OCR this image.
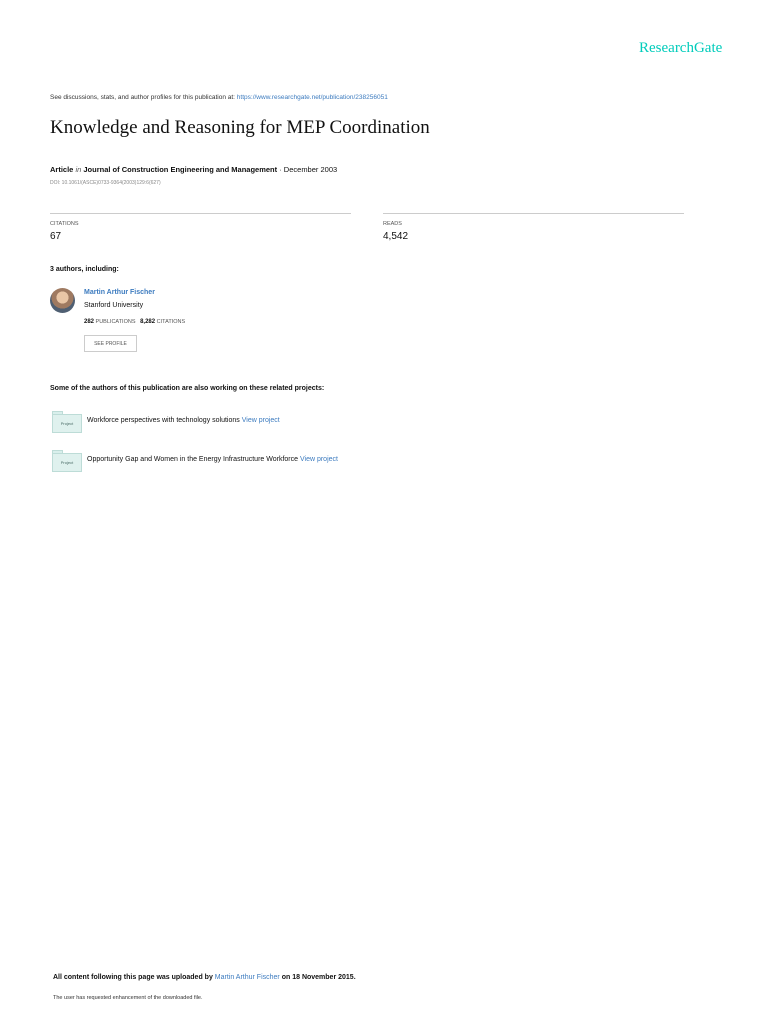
ResearchGate
See discussions, stats, and author profiles for this publication at: https://www.researchgate.net/publication/238256051
Knowledge and Reasoning for MEP Coordination
Article in Journal of Construction Engineering and Management · December 2003
DOI: 10.1061/(ASCE)0733-9364(2003)129:6(627)
CITATIONS
67
READS
4,542
3 authors, including:
Martin Arthur Fischer
Stanford University
282 PUBLICATIONS 8,282 CITATIONS
SEE PROFILE
Some of the authors of this publication are also working on these related projects:
Project	Workforce perspectives with technology solutions View project
Project	Opportunity Gap and Women in the Energy Infrastructure Workforce View project
All content following this page was uploaded by Martin Arthur Fischer on 18 November 2015.
The user has requested enhancement of the downloaded file.
